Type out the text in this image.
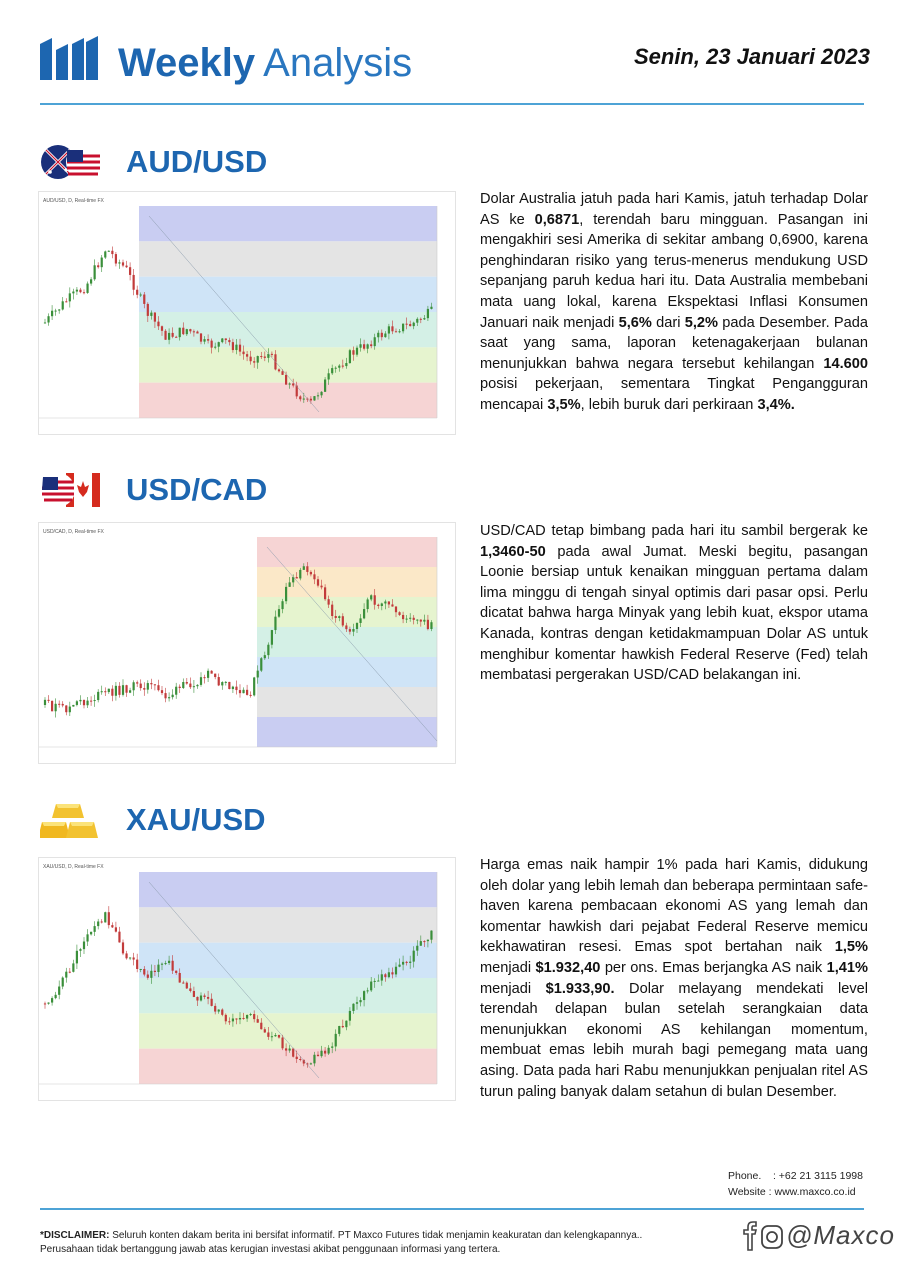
Weekly Analysis	Senin, 23 Januari 2023
AUD/USD
AUD/USD, D, Real-time FX	Dolar Australia jatuh pada hari Kamis, jatuh terhadap Dolar AS ke 0,6871, terendah baru mingguan. Pasangan ini mengakhiri sesi Amerika di sekitar ambang 0,6900, karena penghindaran risiko yang terus-menerus mendukung USD sepanjang paruh kedua hari itu. Data Australia membebani mata uang lokal, karena Ekspektasi Inflasi Konsumen Januari naik menjadi 5,6% dari 5,2% pada Desember. Pada saat yang sama, laporan ketenagakerjaan bulanan menunjukkan bahwa negara tersebut kehilangan 14.600 posisi pekerjaan, sementara Tingkat Pengangguran mencapai 3,5%, lebih buruk dari perkiraan 3,4%.

USD/CAD
USD/CAD, D, Real-time FX	USD/CAD tetap bimbang pada hari itu sambil bergerak ke 1,3460-50 pada awal Jumat. Meski begitu, pasangan Loonie bersiap untuk kenaikan mingguan pertama dalam lima minggu di tengah sinyal optimis dari pasar opsi. Perlu dicatat bahwa harga Minyak yang lebih kuat, ekspor utama Kanada, kontras dengan ketidakmampuan Dolar AS untuk menghibur komentar hawkish Federal Reserve (Fed) telah membatasi pergerakan USD/CAD belakangan ini.

XAU/USD
XAU/USD, D, Real-time FX	Harga emas naik hampir 1% pada hari Kamis, didukung oleh dolar yang lebih lemah dan beberapa permintaan safe-haven karena pembacaan ekonomi AS yang lemah dan komentar hawkish dari pejabat Federal Reserve memicu kekhawatiran resesi. Emas spot bertahan naik 1,5% menjadi $1.932,40 per ons. Emas berjangka AS naik 1,41% menjadi $1.933,90. Dolar melayang mendekati level terendah delapan bulan setelah serangkaian data menunjukkan ekonomi AS kehilangan momentum, membuat emas lebih murah bagi pemegang mata uang asing. Data pada hari Rabu menunjukkan penjualan ritel AS turun paling banyak dalam setahun di bulan Desember.

Phone. : +62 21 3115 1998
Website : www.maxco.co.id
*DISCLAIMER: Seluruh konten dakam berita ini bersifat informatif. PT Maxco Futures tidak menjamin keakuratan dan kelengkapannya..
Perusahaan tidak bertanggung jawab atas kerugian investasi akibat penggunaan informasi yang tertera.	@Maxco
